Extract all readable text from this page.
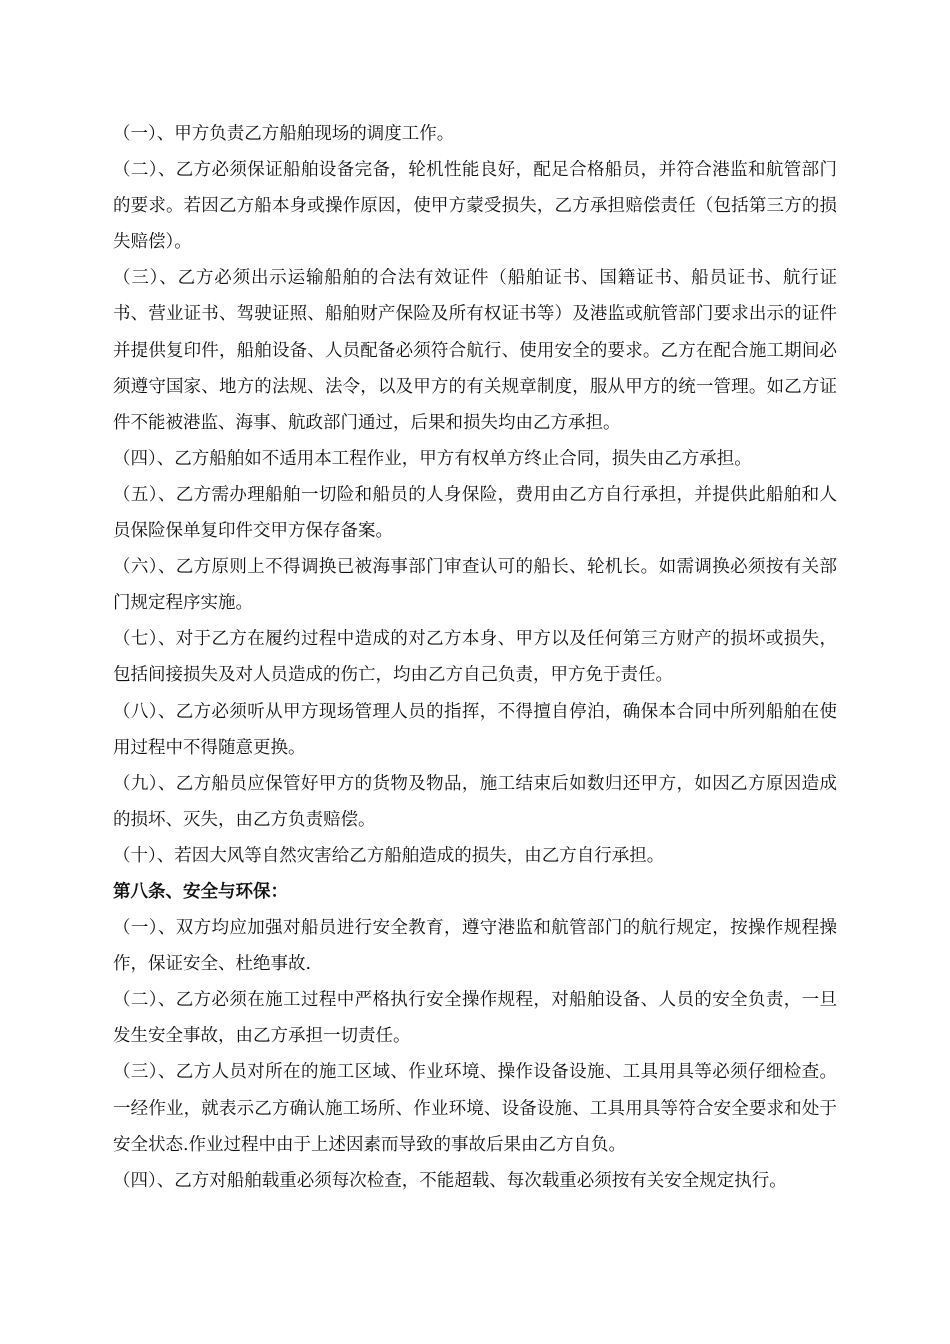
（一）、甲方负责乙方船舶现场的调度工作。

（二）、乙方必须保证船舶设备完备，轮机性能良好，配足合格船员，并符合港监和航管部门的要求。若因乙方船本身或操作原因，使甲方蒙受损失，乙方承担赔偿责任（包括第三方的损失赔偿）。

（三）、乙方必须出示运输船舶的合法有效证件（船舶证书、国籍证书、船员证书、航行证书、营业证书、驾驶证照、船舶财产保险及所有权证书等）及港监或航管部门要求出示的证件并提供复印件，船舶设备、人员配备必须符合航行、使用安全的要求。乙方在配合施工期间必须遵守国家、地方的法规、法令，以及甲方的有关规章制度，服从甲方的统一管理。如乙方证件不能被港监、海事、航政部门通过，后果和损失均由乙方承担。

（四）、乙方船舶如不适用本工程作业，甲方有权单方终止合同，损失由乙方承担。

（五）、乙方需办理船舶一切险和船员的人身保险，费用由乙方自行承担，并提供此船舶和人员保险保单复印件交甲方保存备案。

（六）、乙方原则上不得调换已被海事部门审查认可的船长、轮机长。如需调换必须按有关部门规定程序实施。

（七）、对于乙方在履约过程中造成的对乙方本身、甲方以及任何第三方财产的损坏或损失，包括间接损失及对人员造成的伤亡，均由乙方自己负责，甲方免于责任。

（八）、乙方必须听从甲方现场管理人员的指挥，不得擅自停泊，确保本合同中所列船舶在使用过程中不得随意更换。

（九）、乙方船员应保管好甲方的货物及物品，施工结束后如数归还甲方，如因乙方原因造成的损坏、灭失，由乙方负责赔偿。

（十）、若因大风等自然灾害给乙方船舶造成的损失，由乙方自行承担。

第八条、安全与环保：

（一）、双方均应加强对船员进行安全教育，遵守港监和航管部门的航行规定，按操作规程操作，保证安全、杜绝事故.

（二）、乙方必须在施工过程中严格执行安全操作规程，对船舶设备、人员的安全负责，一旦发生安全事故，由乙方承担一切责任。

（三）、乙方人员对所在的施工区域、作业环境、操作设备设施、工具用具等必须仔细检查。一经作业，就表示乙方确认施工场所、作业环境、设备设施、工具用具等符合安全要求和处于安全状态.作业过程中由于上述因素而导致的事故后果由乙方自负。

（四）、乙方对船舶载重必须每次检查，不能超载、每次载重必须按有关安全规定执行。
